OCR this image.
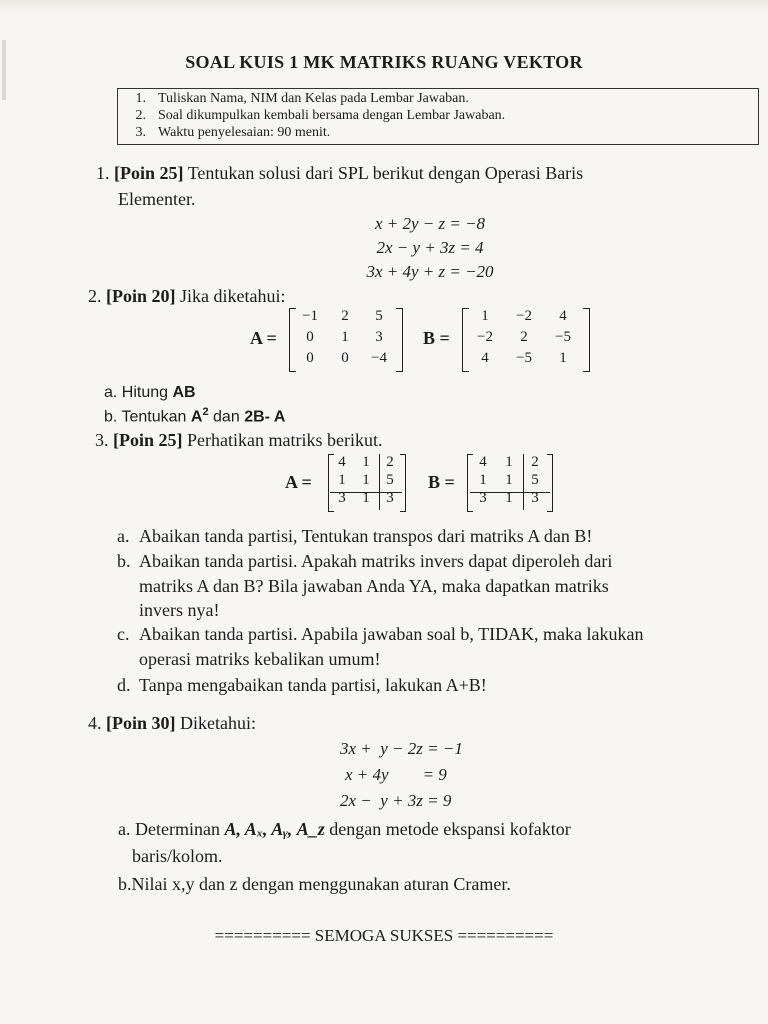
SOAL KUIS 1 MK MATRIKS RUANG VEKTOR
1. Tuliskan Nama, NIM dan Kelas pada Lembar Jawaban.
2. Soal dikumpulkan kembali bersama dengan Lembar Jawaban.
3. Waktu penyelesaian: 90 menit.
1. [Poin 25] Tentukan solusi dari SPL berikut dengan Operasi Baris
Elementer.
x + 2y − z = −8
2x − y + 3z = 4
3x + 4y + z = −20
2. [Poin 20] Jika diketahui:
A =
−1	2	5
0	1	3
0	0	−4
B =
1	−2	4
−2	2	−5
4	−5	1
a. Hitung AB
b. Tentukan $A^2$ dan 2B- A
3. [Poin 25] Perhatikan matriks berikut.
A =
4	1	2
1	1	5
3	1	3
B =
4	1	2
1	1	5
3	1	3
a. Abaikan tanda partisi, Tentukan transpos dari matriks A dan B!
b. Abaikan tanda partisi. Apakah matriks invers dapat diperoleh dari
matriks A dan B? Bila jawaban Anda YA, maka dapatkan matriks
invers nya!
c. Abaikan tanda partisi. Apabila jawaban soal b, TIDAK, maka lakukan
operasi matriks kebalikan umum!
d. Tanpa mengabaikan tanda partisi, lakukan A+B!
4. [Poin 30] Diketahui:
3x +  y − 2z = −1
x + 4y        = 9
2x −  y + 3z = 9
a. Determinan A, Aₓ, Aᵧ, A_z dengan metode ekspansi kofaktor
baris/kolom.
b.Nilai x,y dan z dengan menggunakan aturan Cramer.
========== SEMOGA SUKSES ==========
